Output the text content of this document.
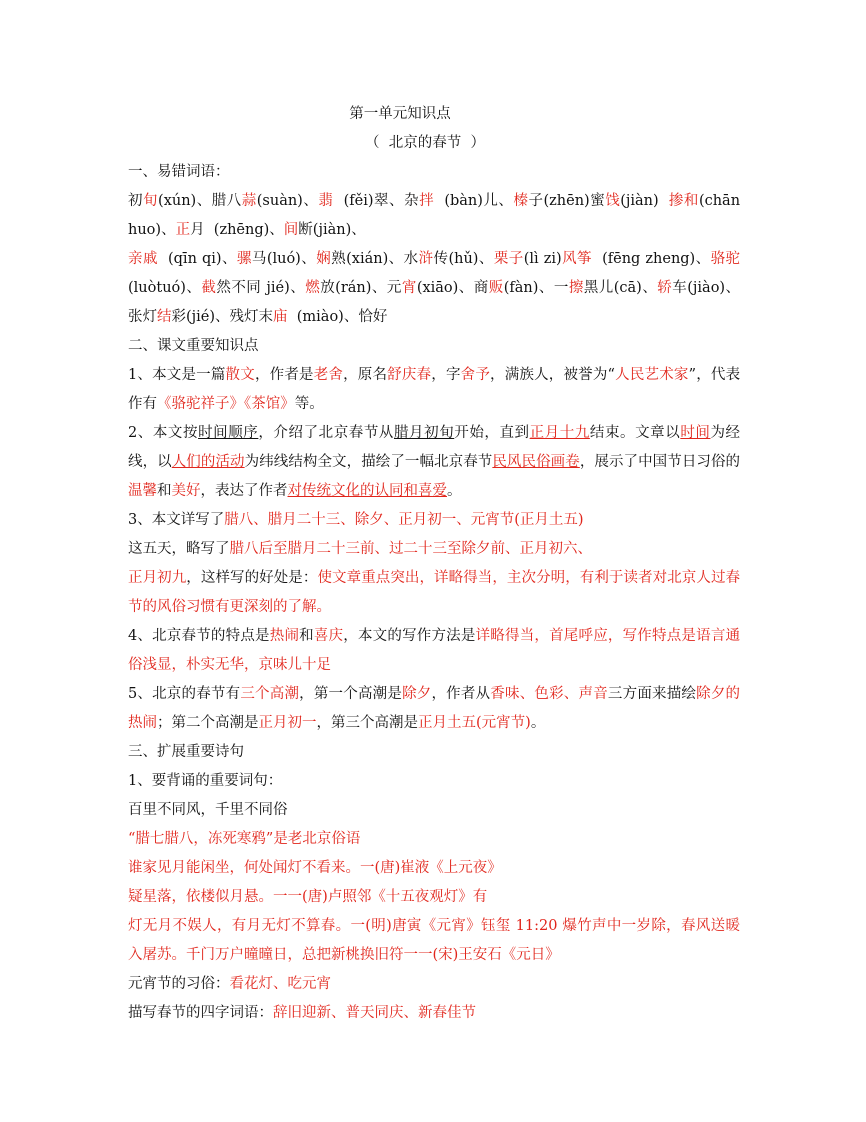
第一单元知识点
（  北京的春节  ）

一、易错词语：

初旬(xún)、腊八蒜(suàn)、翡  (fěi)翠、杂拌  (bàn)儿、榛子(zhēn)蜜饯(jiàn)  掺和(chān huo)、正月  (zhēng)、间断(jiàn)、

亲戚  (qīn qi)、骡马(luó)、娴熟(xián)、水浒传(hǔ)、栗子(lì zi)风筝  (fēng zheng)、骆驼(luòtuó)、截然不同 jié)、燃放(rán)、元宵(xiāo)、商贩(fàn)、一擦黑儿(cā)、轿车(jiào)、张灯结彩(jié)、残灯末庙  (miào)、恰好

二、课文重要知识点

1、本文是一篇散文，作者是老舍，原名舒庆春，字舍予，满族人，被誉为“人民艺术家”，代表作有《骆驼祥子》《茶馆》等。

2、本文按时间顺序，介绍了北京春节从腊月初旬开始，直到正月十九结束。文章以时间为经线，以人们的活动为纬线结构全文，描绘了一幅北京春节民风民俗画卷，展示了中国节日习俗的温馨和美好，表达了作者对传统文化的认同和喜爱。

3、本文详写了腊八、腊月二十三、除夕、正月初一、元宵节(正月土五)

这五天，略写了腊八后至腊月二十三前、过二十三至除夕前、正月初六、

正月初九，这样写的好处是：使文章重点突出，详略得当，主次分明，有利于读者对北京人过春节的风俗习惯有更深刻的了解。

4、北京春节的特点是热闹和喜庆，本文的写作方法是详略得当，首尾呼应，写作特点是语言通俗浅显，朴实无华，京味儿十足

5、北京的春节有三个高潮，第一个高潮是除夕，作者从香味、色彩、声音三方面来描绘除夕的热闹；第二个高潮是正月初一，第三个高潮是正月土五(元宵节)。

三、扩展重要诗句

1、要背诵的重要词句：

百里不同风，千里不同俗

“腊七腊八，冻死寒鸦”是老北京俗语

谁家见月能闲坐，何处闻灯不看来。一(唐)崔液《上元夜》

疑星落，依楼似月悬。一一(唐)卢照邻《十五夜观灯》有

灯无月不娱人，有月无灯不算春。一(明)唐寅《元宵》钰玺 11:20 爆竹声中一岁除，春风送暖入屠苏。千门万户曈曈日，总把新桃换旧符一一(宋)王安石《元日》

元宵节的习俗：看花灯、吃元宵

描写春节的四字词语：辞旧迎新、普天同庆、新春佳节
